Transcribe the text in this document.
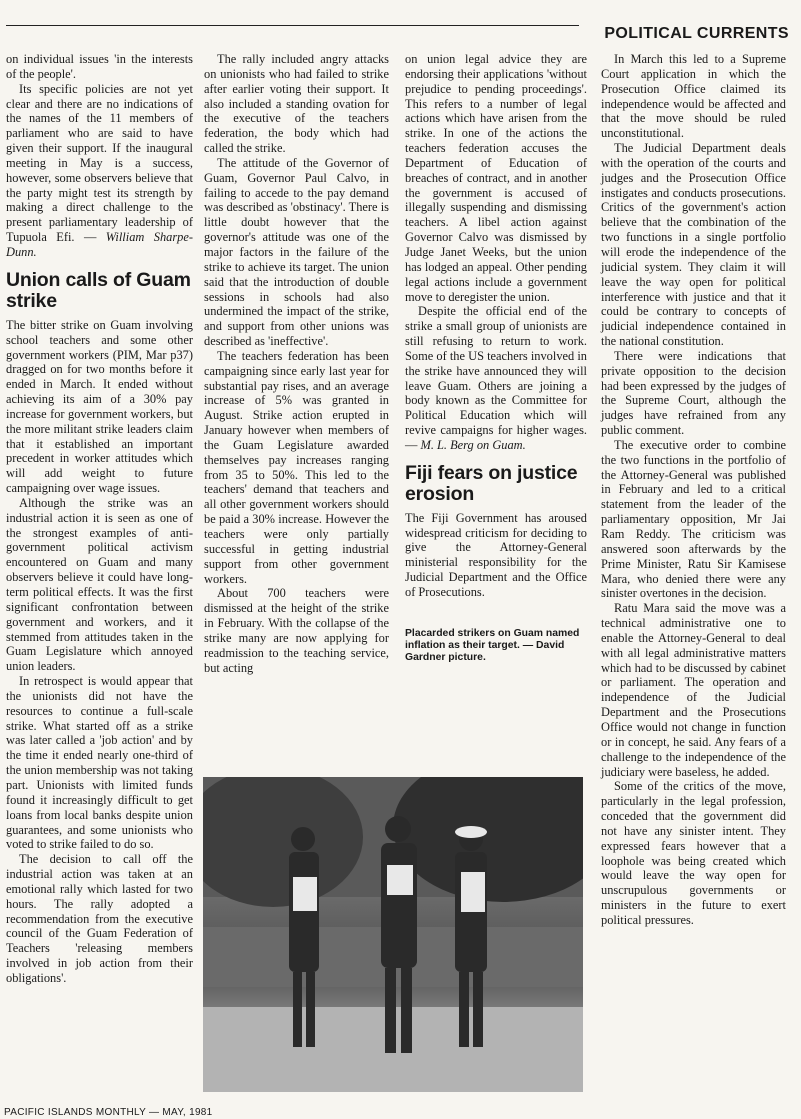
POLITICAL CURRENTS

on individual issues 'in the interests of the people'.

Its specific policies are not yet clear and there are no indications of the names of the 11 members of parliament who are said to have given their support. If the inaugural meeting in May is a success, however, some observers believe that the party might test its strength by making a direct challenge to the present parliamentary leadership of Tupuola Efi. — William Sharpe-Dunn.

Union calls of Guam strike

The bitter strike on Guam involving school teachers and some other government workers (PIM, Mar p37) dragged on for two months before it ended in March. It ended without achieving its aim of a 30% pay increase for government workers, but the more militant strike leaders claim that it established an important precedent in worker attitudes which will add weight to future campaigning over wage issues.

Although the strike was an industrial action it is seen as one of the strongest examples of anti-government political activism encountered on Guam and many observers believe it could have long-term political effects. It was the first significant confrontation between government and workers, and it stemmed from attitudes taken in the Guam Legislature which annoyed union leaders.

In retrospect is would appear that the unionists did not have the resources to continue a full-scale strike. What started off as a strike was later called a 'job action' and by the time it ended nearly one-third of the union membership was not taking part. Unionists with limited funds found it increasingly difficult to get loans from local banks despite union guarantees, and some unionists who voted to strike failed to do so.

The decision to call off the industrial action was taken at an emotional rally which lasted for two hours. The rally adopted a recommendation from the executive council of the Guam Federation of Teachers 'releasing members involved in job action from their obligations'.

The rally included angry attacks on unionists who had failed to strike after earlier voting their support. It also included a standing ovation for the executive of the teachers federation, the body which had called the strike.

The attitude of the Governor of Guam, Governor Paul Calvo, in failing to accede to the pay demand was described as 'obstinacy'. There is little doubt however that the governor's attitude was one of the major factors in the failure of the strike to achieve its target. The union said that the introduction of double sessions in schools had also undermined the impact of the strike, and support from other unions was described as 'ineffective'.

The teachers federation has been campaigning since early last year for substantial pay rises, and an average increase of 5% was granted in August. Strike action erupted in January however when members of the Guam Legislature awarded themselves pay increases ranging from 35 to 50%. This led to the teachers' demand that teachers and all other government workers should be paid a 30% increase. However the teachers were only partially successful in getting industrial support from other government workers.

About 700 teachers were dismissed at the height of the strike in February. With the collapse of the strike many are now applying for readmission to the teaching service, but acting

on union legal advice they are endorsing their applications 'without prejudice to pending proceedings'. This refers to a number of legal actions which have arisen from the strike. In one of the actions the teachers federation accuses the Department of Education of breaches of contract, and in another the government is accused of illegally suspending and dismissing teachers. A libel action against Governor Calvo was dismissed by Judge Janet Weeks, but the union has lodged an appeal. Other pending legal actions include a government move to deregister the union.

Despite the official end of the strike a small group of unionists are still refusing to return to work. Some of the US teachers involved in the strike have announced they will leave Guam. Others are joining a body known as the Committee for Political Education which will revive campaigns for higher wages. — M. L. Berg on Guam.

Fiji fears on justice erosion

The Fiji Government has aroused widespread criticism for deciding to give the Attorney-General ministerial responsibility for the Judicial Department and the Office of Prosecutions.

Placarded strikers on Guam named inflation as their target. — David Gardner picture.

In March this led to a Supreme Court application in which the Prosecution Office claimed its independence would be affected and that the move should be ruled unconstitutional.

The Judicial Department deals with the operation of the courts and judges and the Prosecution Office instigates and conducts prosecutions. Critics of the government's action believe that the combination of the two functions in a single portfolio will erode the independence of the judicial system. They claim it will leave the way open for political interference with justice and that it could be contrary to concepts of judicial independence contained in the national constitution.

There were indications that private opposition to the decision had been expressed by the judges of the Supreme Court, although the judges have refrained from any public comment.

The executive order to combine the two functions in the portfolio of the Attorney-General was published in February and led to a critical statement from the leader of the parliamentary opposition, Mr Jai Ram Reddy. The criticism was answered soon afterwards by the Prime Minister, Ratu Sir Kamisese Mara, who denied there were any sinister overtones in the decision.

Ratu Mara said the move was a technical administrative one to enable the Attorney-General to deal with all legal administrative matters which had to be discussed by cabinet or parliament. The operation and independence of the Judicial Department and the Prosecutions Office would not change in function or in concept, he said. Any fears of a challenge to the independence of the judiciary were baseless, he added.

Some of the critics of the move, particularly in the legal profession, conceded that the government did not have any sinister intent. They expressed fears however that a loophole was being created which would leave the way open for unscrupulous governments or ministers in the future to exert political pressures.

PACIFIC ISLANDS MONTHLY — MAY, 1981
